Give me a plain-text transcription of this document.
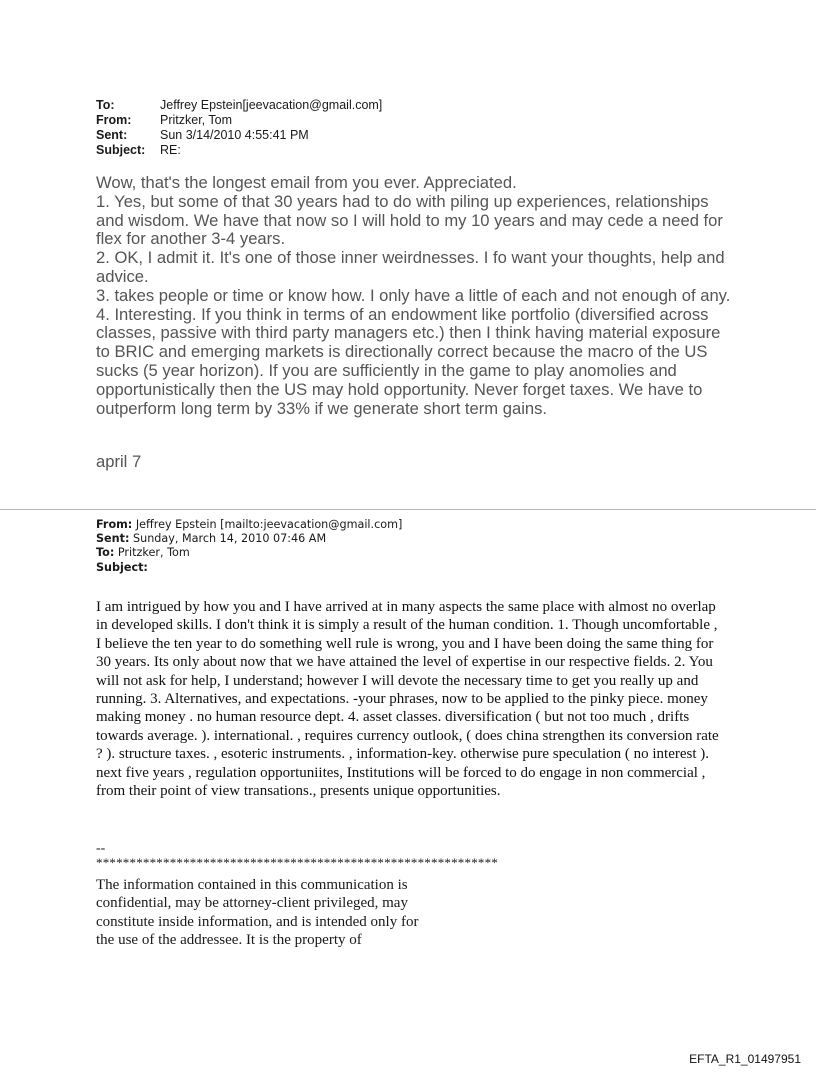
To:	Jeffrey Epstein[jeevacation@gmail.com]
From:	Pritzker, Tom
Sent:	Sun 3/14/2010 4:55:41 PM
Subject:	RE:

Wow, that's the longest email from you ever. Appreciated.

1. Yes, but some of that 30 years had to do with piling up experiences, relationships and wisdom. We have that now so I will hold to my 10 years and may cede a need for flex for another 3-4 years.

2. OK, I admit it. It's one of those inner weirdnesses. I fo want your thoughts, help and advice.

3. takes people or time or know how. I only have a little of each and not enough of any.

4. Interesting. If you think in terms of an endowment like portfolio (diversified across classes, passive with third party managers etc.) then I think having material exposure to BRIC and emerging markets is directionally correct because the macro of the US sucks (5 year horizon). If you are sufficiently in the game to play anomolies and opportunistically then the US may hold opportunity. Never forget taxes. We have to outperform long term by 33% if we generate short term gains.

april 7
From: Jeffrey Epstein [mailto:jeevacation@gmail.com]
Sent: Sunday, March 14, 2010 07:46 AM
To: Pritzker, Tom
Subject:
I am intrigued by how you and I have arrived at in many aspects the same place with almost no overlap in developed skills. I don't think it is simply a result of the human condition. 1. Though uncomfortable , I believe the ten year to do something well rule is wrong, you and I have been doing the same thing for 30 years. Its only about now that we have attained the level of expertise in our respective fields. 2. You will not ask for help, I understand; however I will devote the necessary time to get you really up and running. 3. Alternatives, and expectations. -your phrases, now to be applied to the pinky piece. money making money . no human resource dept. 4. asset classes. diversification ( but not too much , drifts towards average. ). international. , requires currency outlook, ( does china strengthen its conversion rate ? ). structure taxes. , esoteric instruments. , information-key. otherwise pure speculation ( no interest ). next five years , regulation opportuniites, Institutions will be forced to do engage in non commercial , from their point of view transations., presents unique opportunities.
--
************************************************************
The information contained in this communication is
confidential, may be attorney-client privileged, may
constitute inside information, and is intended only for
the use of the addressee. It is the property of
EFTA_R1_01497951
